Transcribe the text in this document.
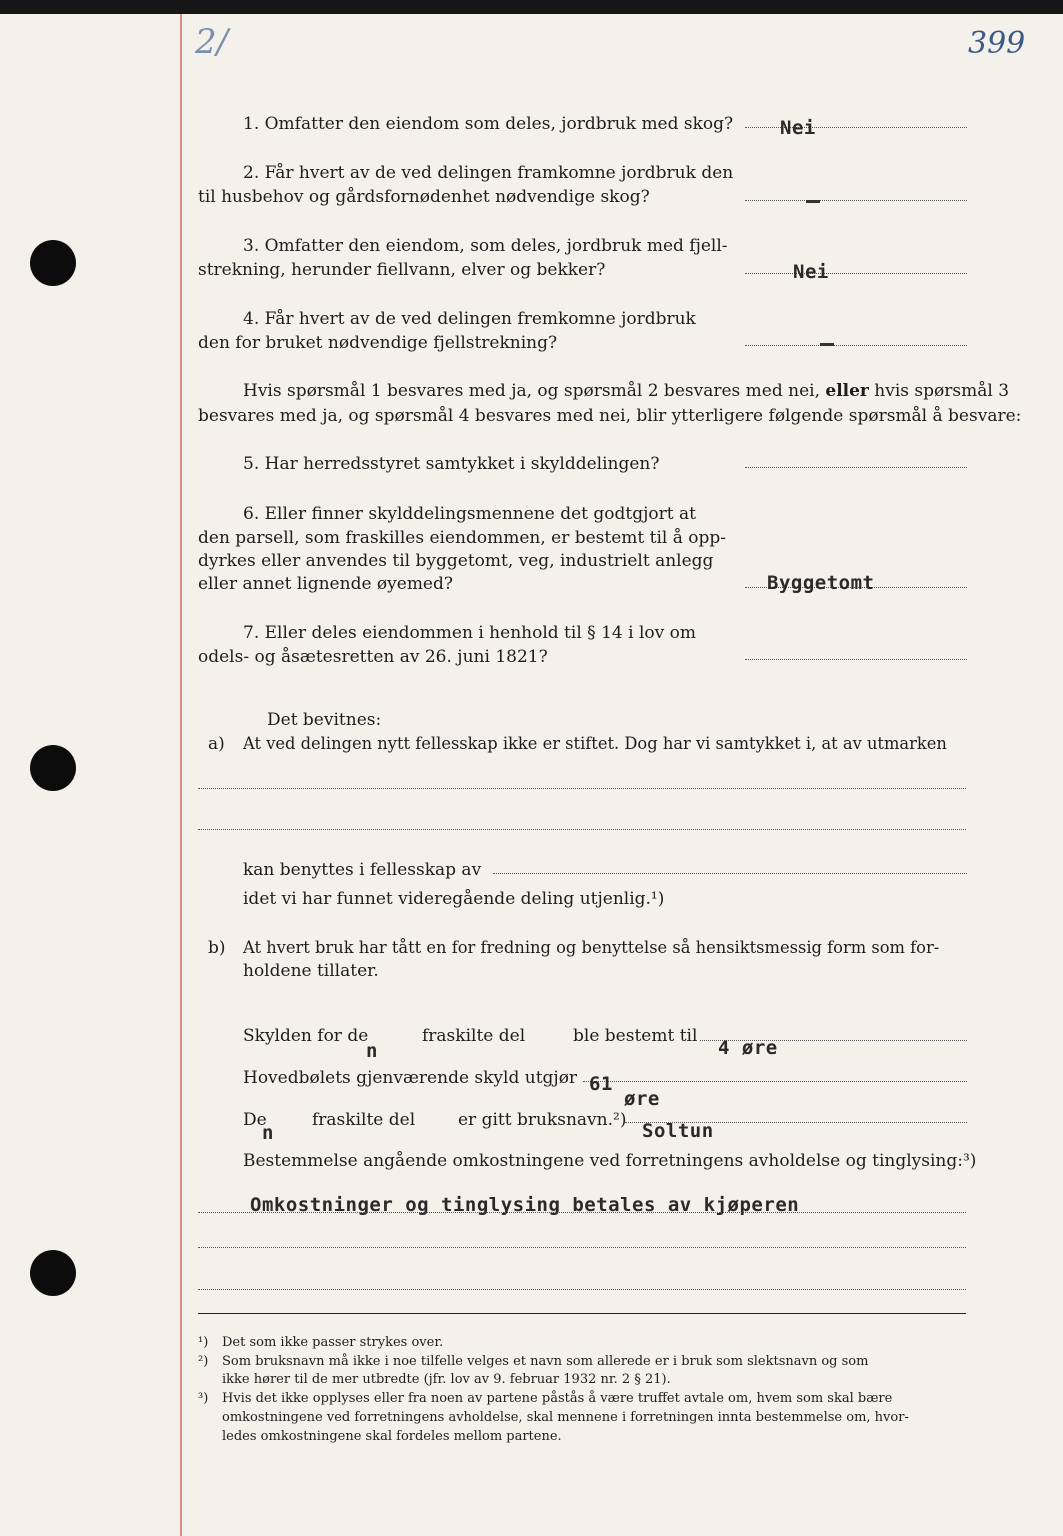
2/	399
1. Omfatter den eiendom som deles, jordbruk med skog? Nei
2. Får hvert av de ved delingen framkomne jordbruk den
til husbehov og gårdsfornødenhet nødvendige skog?
3. Omfatter den eiendom, som deles, jordbruk med fjell-
strekning, herunder fiellvann, elver og bekker?	Nei
4. Får hvert av de ved delingen fremkomne jordbruk
den for bruket nødvendige fjellstrekning?
Hvis spørsmål 1 besvares med ja, og spørsmål 2 besvares med nei, eller hvis spørsmål 3
besvares med ja, og spørsmål 4 besvares med nei, blir ytterligere følgende spørsmål å besvare:
5. Har herredsstyret samtykket i skylddelingen?
6. Eller finner skylddelingsmennene det godtgjort at
den parsell, som fraskilles eiendommen, er bestemt til å opp-
dyrkes eller anvendes til byggetomt, veg, industrielt anlegg
eller annet lignende øyemed?	Byggetomt
7. Eller deles eiendommen i henhold til § 14 i lov om
odels- og åsætesretten av 26. juni 1821?
Det bevitnes:
a) At ved delingen nytt fellesskap ikke er stiftet. Dog har vi samtykket i, at av utmarken
kan benyttes i fellesskap av
idet vi har funnet videregående deling utjenlig.¹)
b) At hvert bruk har tått en for fredning og benyttelse så hensiktsmessig form som for-
holdene tillater.
Skylden for de
n
fraskilte del	ble bestemt til
4 øre
Hovedbølets gjenværende skyld utgjør 61
øre
De
n
fraskilte del	er gitt bruksnavn.²) Soltun
Bestemmelse angående omkostningene ved forretningens avholdelse og tinglysing:³)
Omkostninger og tinglysing betales av kjøperen
¹) Det som ikke passer strykes over.
²) Som bruksnavn må ikke i noe tilfelle velges et navn som allerede er i bruk som slektsnavn og som
ikke hører til de mer utbredte (jfr. lov av 9. februar 1932 nr. 2 § 21).
³) Hvis det ikke opplyses eller fra noen av partene påstås å være truffet avtale om, hvem som skal bære
omkostningene ved forretningens avholdelse, skal mennene i forretningen innta bestemmelse om, hvor-
ledes omkostningene skal fordeles mellom partene.
